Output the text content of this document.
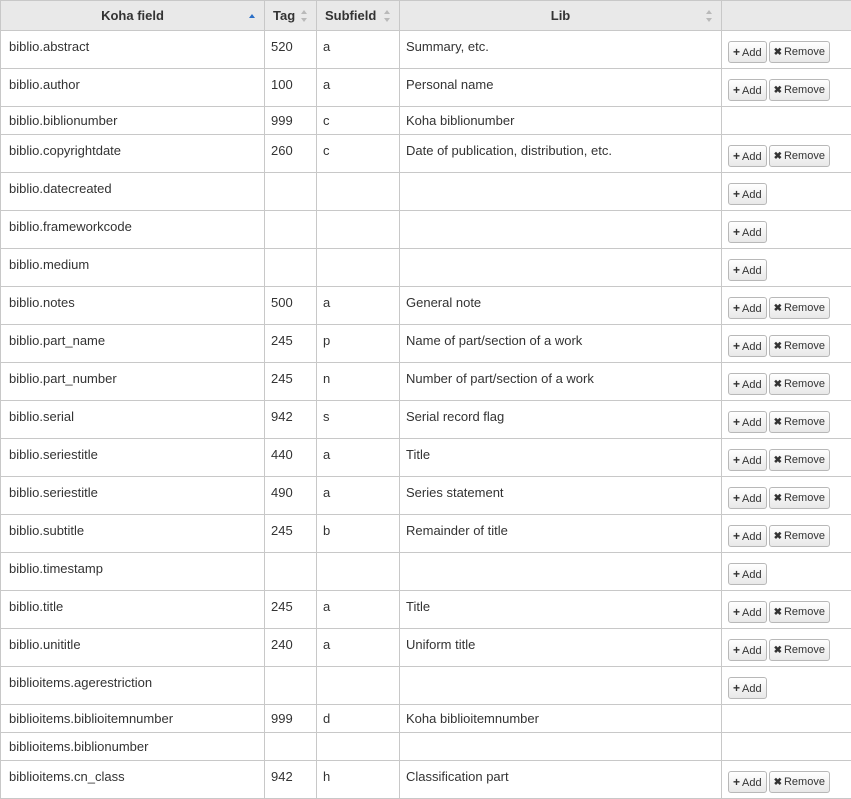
Koha field	Tag	Subfield	Lib

biblio.abstract	520	a	Summary, etc.	+ Add ✖ Remove
biblio.author	100	a	Personal name	+ Add ✖ Remove
biblio.biblionumber	999	c	Koha biblionumber	
biblio.copyrightdate	260	c	Date of publication, distribution, etc.	+ Add ✖ Remove
biblio.datecreated				+ Add
biblio.frameworkcode				+ Add
biblio.medium				+ Add
biblio.notes	500	a	General note	+ Add ✖ Remove
biblio.part_name	245	p	Name of part/section of a work	+ Add ✖ Remove
biblio.part_number	245	n	Number of part/section of a work	+ Add ✖ Remove
biblio.serial	942	s	Serial record flag	+ Add ✖ Remove
biblio.seriestitle	440	a	Title	+ Add ✖ Remove
biblio.seriestitle	490	a	Series statement	+ Add ✖ Remove
biblio.subtitle	245	b	Remainder of title	+ Add ✖ Remove
biblio.timestamp				+ Add
biblio.title	245	a	Title	+ Add ✖ Remove
biblio.unititle	240	a	Uniform title	+ Add ✖ Remove
biblioitems.agerestriction				+ Add
biblioitems.biblioitemnumber	999	d	Koha biblioitemnumber	
biblioitems.biblionumber				
biblioitems.cn_class	942	h	Classification part	+ Add ✖ Remove
